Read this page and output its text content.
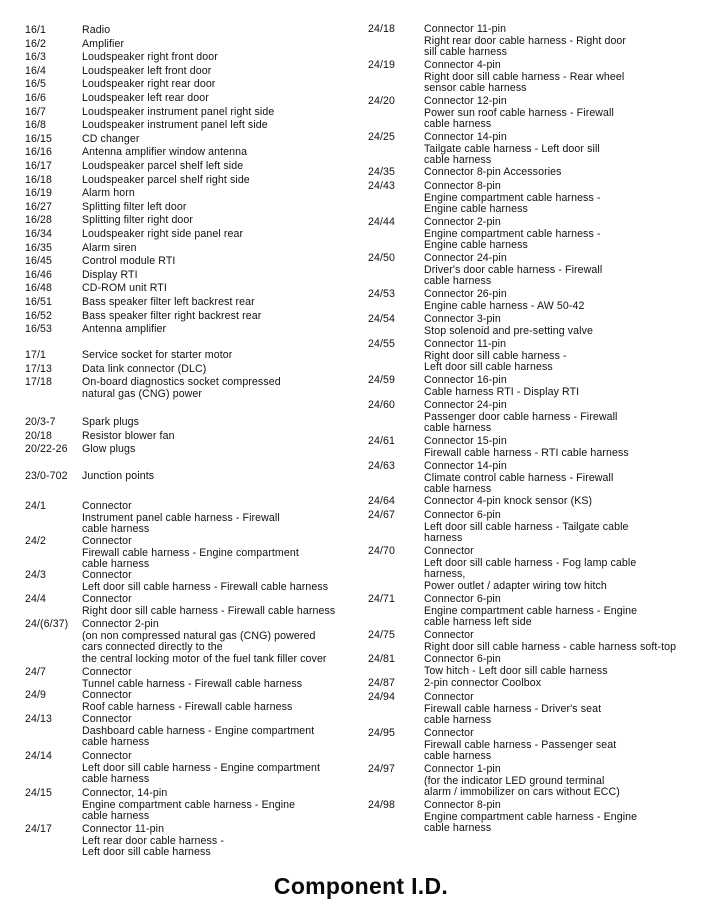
16/1	Radio
16/2	Amplifier
16/3	Loudspeaker right front door
16/4	Loudspeaker left front door
16/5	Loudspeaker right rear door
16/6	Loudspeaker left rear door
16/7	Loudspeaker instrument panel right side
16/8	Loudspeaker instrument panel left side
16/15	CD changer
16/16	Antenna amplifier window antenna
16/17	Loudspeaker parcel shelf left side
16/18	Loudspeaker parcel shelf right side
16/19	Alarm horn
16/27	Splitting filter left door
16/28	Splitting filter right door
16/34	Loudspeaker right side panel rear
16/35	Alarm siren
16/45	Control module RTI
16/46	Display RTI
16/48	CD-ROM unit RTI
16/51	Bass speaker filter left backrest rear
16/52	Bass speaker filter right backrest rear
16/53	Antenna amplifier
17/1	Service socket for starter motor
17/13	Data link connector (DLC)
17/18	On-board diagnostics socket compressed
natural gas (CNG) power
20/3-7 Spark plugs
20/18	Resistor blower fan
20/22-26 Glow plugs
23/0-702 Junction points
24/1	Connector
Instrument panel cable harness - Firewall
cable harness
24/2	Connector
Firewall cable harness - Engine compartment
cable harness
24/3	Connector
Left door sill cable harness - Firewall cable harness
24/4	Connector
Right door sill cable harness - Firewall cable harness
24/(6/37) Connector 2-pin
(on non compressed natural gas (CNG) powered
cars connected directly to the
the central locking motor of the fuel tank filler cover
24/7	Connector
Tunnel cable harness - Firewall cable harness
24/9	Connector
Roof cable harness - Firewall cable harness
24/13	Connector
Dashboard cable harness - Engine compartment
cable harness
24/14	Connector
Left door sill cable harness - Engine compartment
cable harness
24/15	Connector, 14-pin
Engine compartment cable harness - Engine
cable harness
24/17	Connector 11-pin
Left rear door cable harness -
Left door sill cable harness
24/18	Connector 11-pin
Right rear door cable harness - Right door
sill cable harness
24/19	Connector 4-pin
Right door sill cable harness - Rear wheel
sensor cable harness
24/20	Connector 12-pin
Power sun roof cable harness - Firewall
cable harness
24/25	Connector 14-pin
Tailgate cable harness - Left door sill
cable harness
24/35	Connector 8-pin Accessories
24/43	Connector 8-pin
Engine compartment cable harness -
Engine cable harness
24/44	Connector 2-pin
Engine compartment cable harness -
Engine cable harness
24/50	Connector 24-pin
Driver's door cable harness - Firewall
cable harness
24/53	Connector 26-pin
Engine cable harness - AW 50-42
24/54	Connector 3-pin
Stop solenoid and pre-setting valve
24/55	Connector 11-pin
Right door sill cable harness -
Left door sill cable harness
24/59	Connector 16-pin
Cable harness RTI - Display RTI
24/60	Connector 24-pin
Passenger door cable harness - Firewall
cable harness
24/61	Connector 15-pin
Firewall cable harness - RTI cable harness
24/63	Connector 14-pin
Climate control cable harness - Firewall
cable harness
24/64	Connector 4-pin knock sensor (KS)
24/67	Connector 6-pin
Left door sill cable harness - Tailgate cable
harness
24/70	Connector
Left door sill cable harness - Fog lamp cable
harness,
Power outlet / adapter wiring tow hitch
24/71	Connector 6-pin
Engine compartment cable harness - Engine
cable harness left side
24/75	Connector
Right door sill cable harness - cable harness soft-top
24/81	Connector 6-pin
Tow hitch - Left door sill cable harness
24/87	2-pin connector Coolbox
24/94	Connector
Firewall cable harness - Driver's seat
cable harness
24/95	Connector
Firewall cable harness - Passenger seat
cable harness
24/97	Connector 1-pin
(for the indicator LED ground terminal
alarm / immobilizer on cars without ECC)
24/98	Connector 8-pin
Engine compartment cable harness - Engine
cable harness
Component I.D.
